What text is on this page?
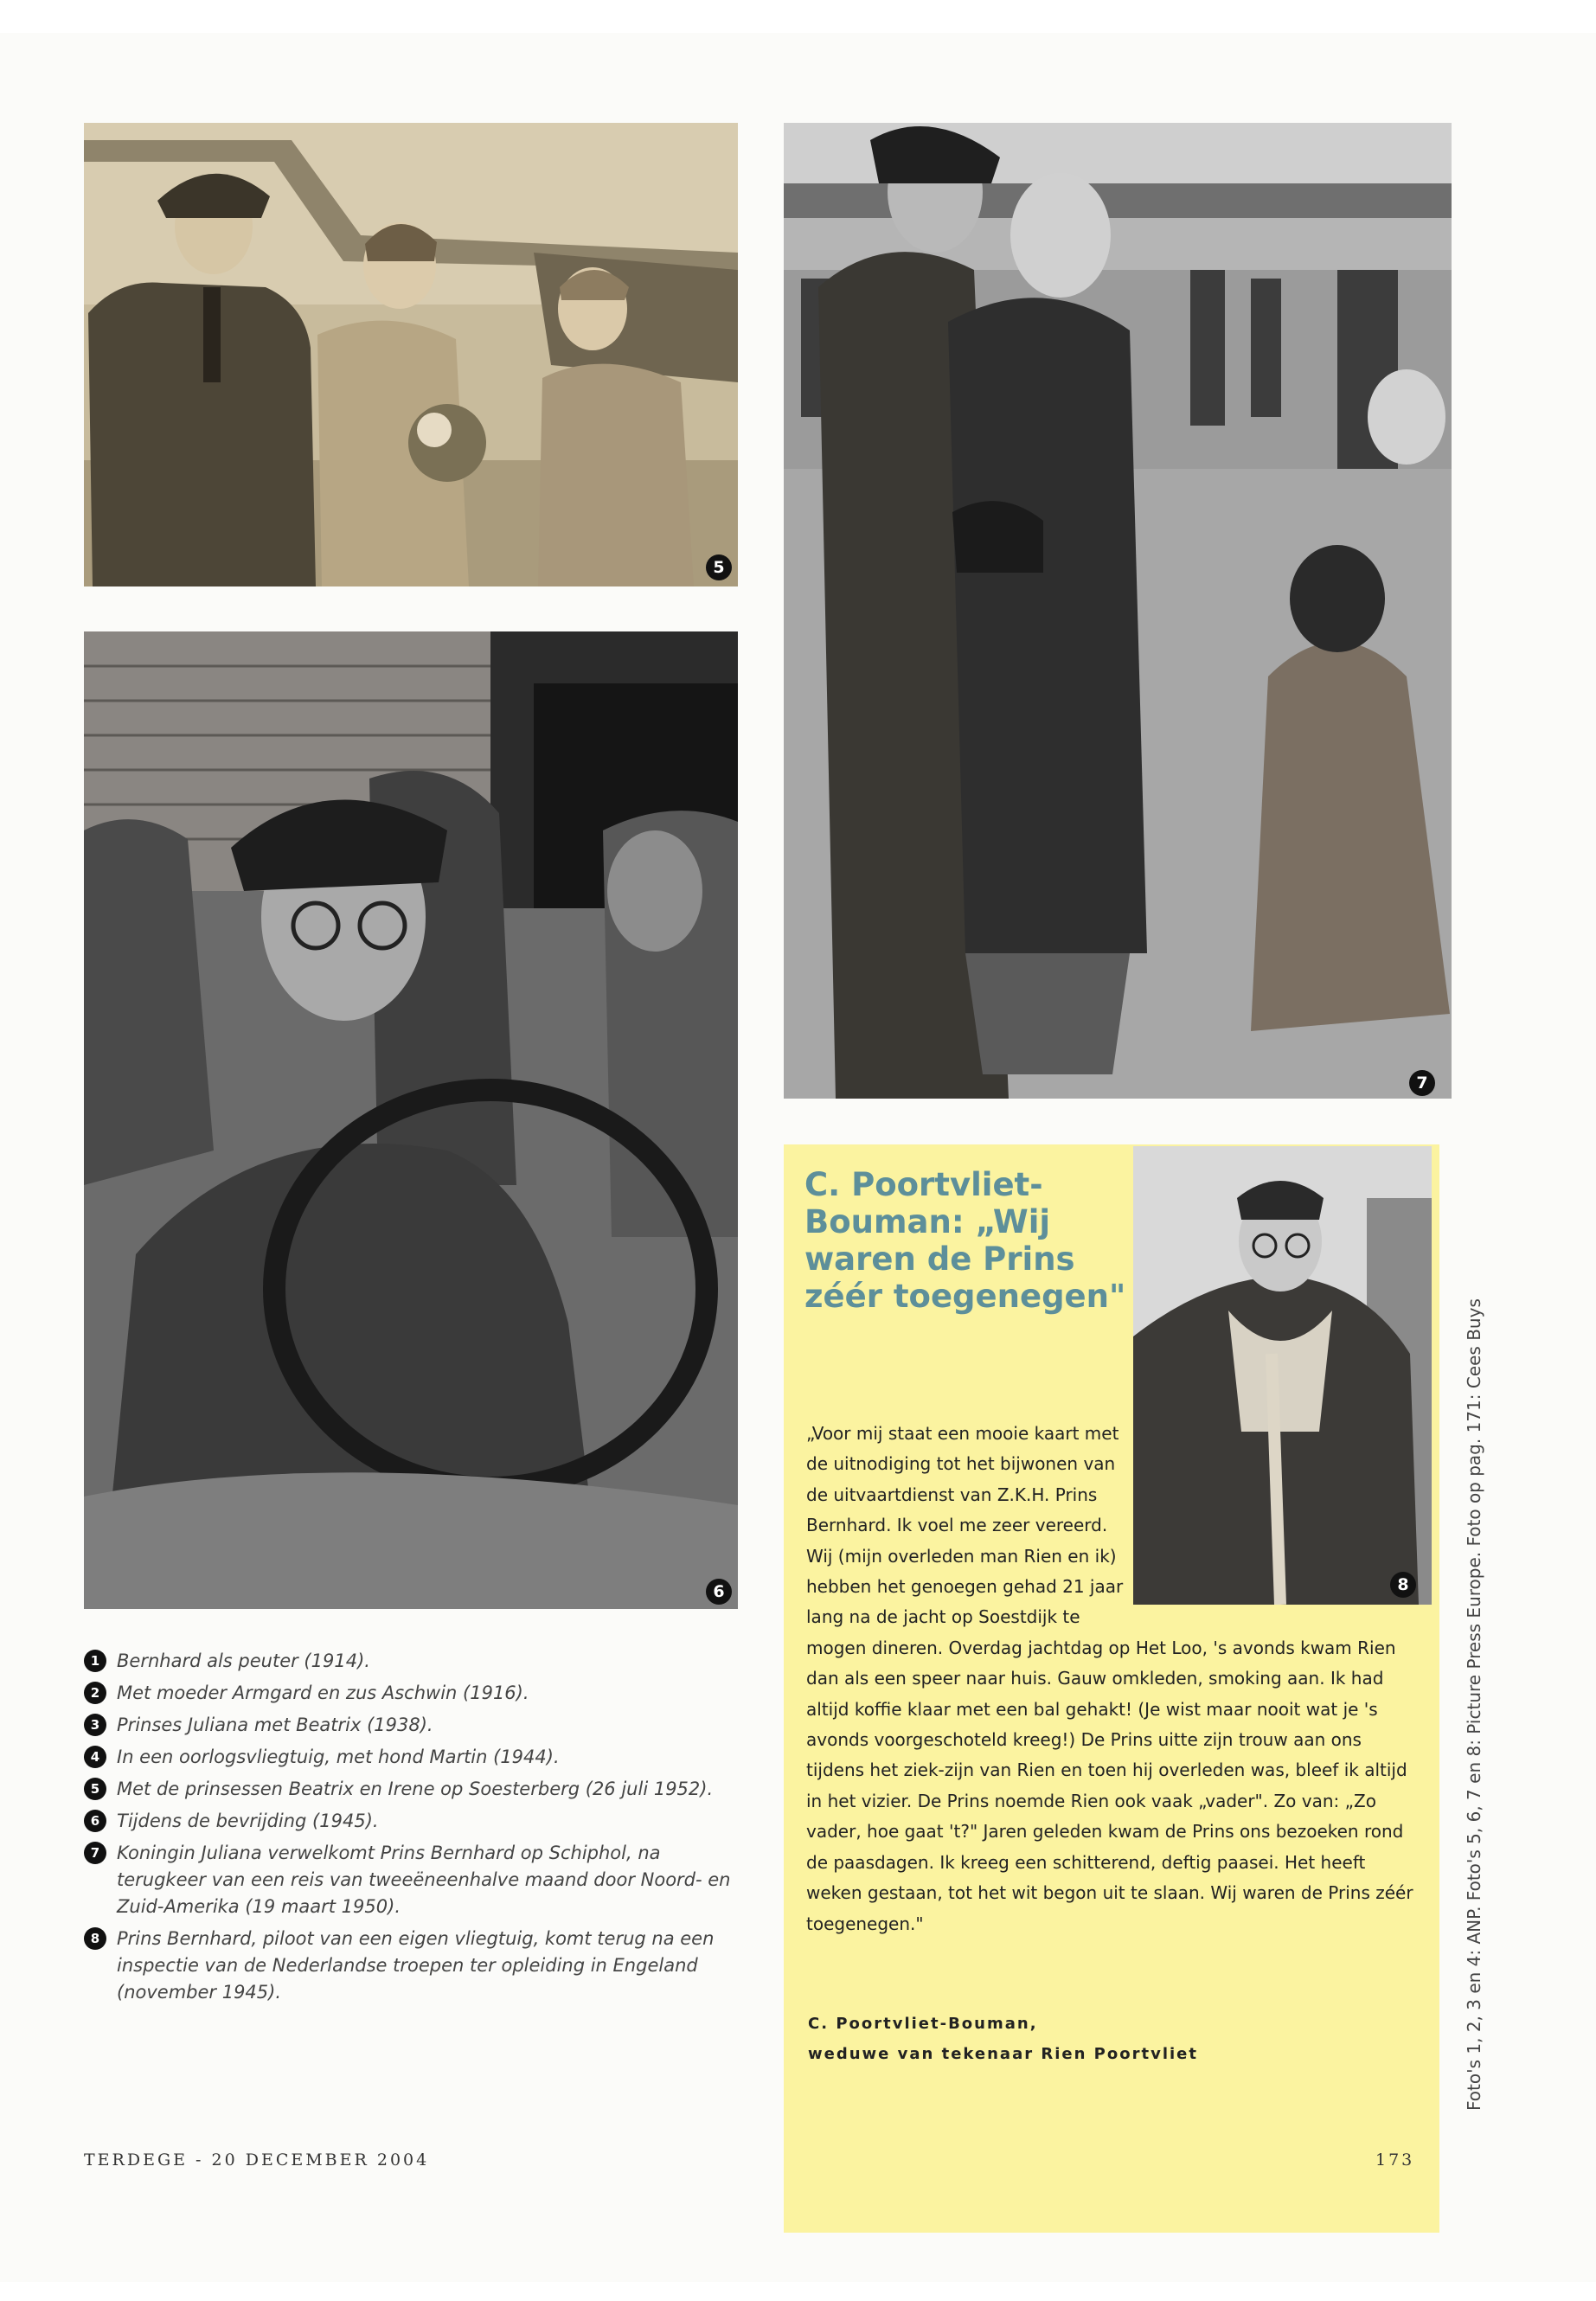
5
6
7
8
C. Poortvliet-Bouman: „Wij waren de Prins zéér toegenegen"
„Voor mij staat een mooie kaart met de uitnodiging tot het bijwonen van de uitvaartdienst van Z.K.H. Prins Bernhard. Ik voel me zeer vereerd. Wij (mijn overleden man Rien en ik) hebben het genoegen gehad 21 jaar lang na de jacht op Soestdijk te mogen dineren. Overdag jachtdag op Het Loo, 's avonds kwam Rien dan als een speer naar huis. Gauw omkleden, smoking aan. Ik had altijd koffie klaar met een bal gehakt! (Je wist maar nooit wat je 's avonds voorgeschoteld kreeg!) De Prins uitte zijn trouw aan ons tijdens het ziek-zijn van Rien en toen hij overleden was, bleef ik altijd in het vizier. De Prins noemde Rien ook vaak „vader". Zo van: „Zo vader, hoe gaat 't?" Jaren geleden kwam de Prins ons bezoeken rond de paasdagen. Ik kreeg een schitterend, deftig paasei. Het heeft weken gestaan, tot het wit begon uit te slaan. Wij waren de Prins zéér toegenegen."
C. Poortvliet-Bouman,
weduwe van tekenaar Rien Poortvliet
1 Bernhard als peuter (1914).
2 Met moeder Armgard en zus Aschwin (1916).
3 Prinses Juliana met Beatrix (1938).
4 In een oorlogsvliegtuig, met hond Martin (1944).
5 Met de prinsessen Beatrix en Irene op Soesterberg (26 juli 1952).
6 Tijdens de bevrijding (1945).
7 Koningin Juliana verwelkomt Prins Bernhard op Schiphol, na terugkeer van een reis van tweeëneenhalve maand door Noord- en Zuid-Amerika (19 maart 1950).
8 Prins Bernhard, piloot van een eigen vliegtuig, komt terug na een inspectie van de Nederlandse troepen ter opleiding in Engeland (november 1945).
TERDEGE - 20 DECEMBER 2004	173
Foto's 1, 2, 3 en 4: ANP. Foto's 5, 6, 7 en 8: Picture Press Europe. Foto op pag. 171: Cees Buys
